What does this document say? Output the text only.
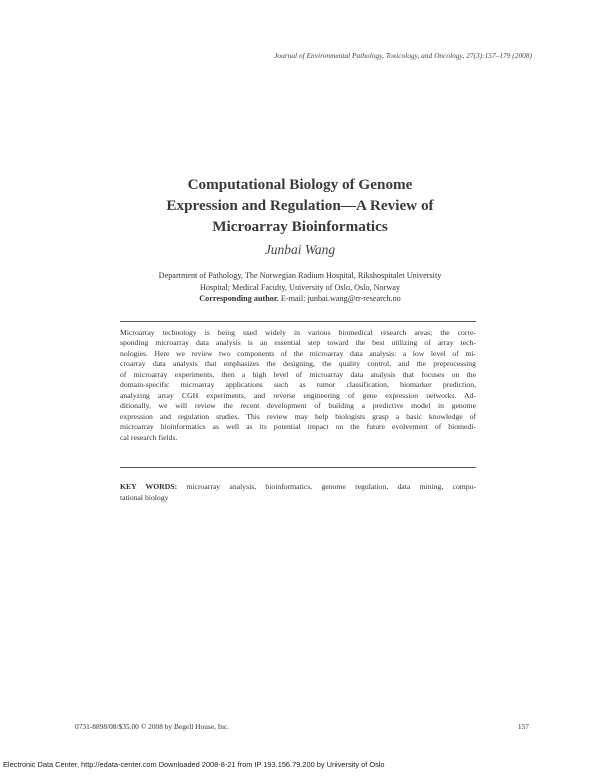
Journal of Environmental Pathology, Toxicology, and Oncology, 27(3):157–179 (2008)
Computational Biology of Genome
Expression and Regulation—A Review of
Microarray Bioinformatics
Junbai Wang
Department of Pathology, The Norwegian Radium Hospital, Rikshospitalet University
Hospital; Medical Faculty, University of Oslo, Oslo, Norway
Corresponding author. E-mail: junbai.wang@rr-research.no
Microarray technology is being used widely in various biomedical research areas; the corre-
sponding microarray data analysis is an essential step toward the best utilizing of array tech-
nologies. Here we review two components of the microarray data analysis: a low level of mi-
croarray data analysis that emphasizes the designing, the quality control, and the preprocessing
of microarray experiments, then a high level of microarray data analysis that focuses on the
domain-specific microarray applications such as tumor classification, biomarker prediction,
analyzing array CGH experiments, and reverse engineering of gene expression networks. Ad-
ditionally, we will review the recent development of building a predictive model in genome
expression and regulation studies. This review may help biologists grasp a basic knowledge of
microarray bioinformatics as well as its potential impact on the future evolvement of biomedi-
cal research fields.
KEY WORDS: microarray analysis, bioinformatics, genome regulation, data mining, compu-
tational biology
0731-8898/08/$35.00 © 2008 by Begell House, Inc.	157
Electronic Data Center, http://edata-center.com Downloaded 2008-8-21 from IP 193.156.79.200 by University of Oslo
